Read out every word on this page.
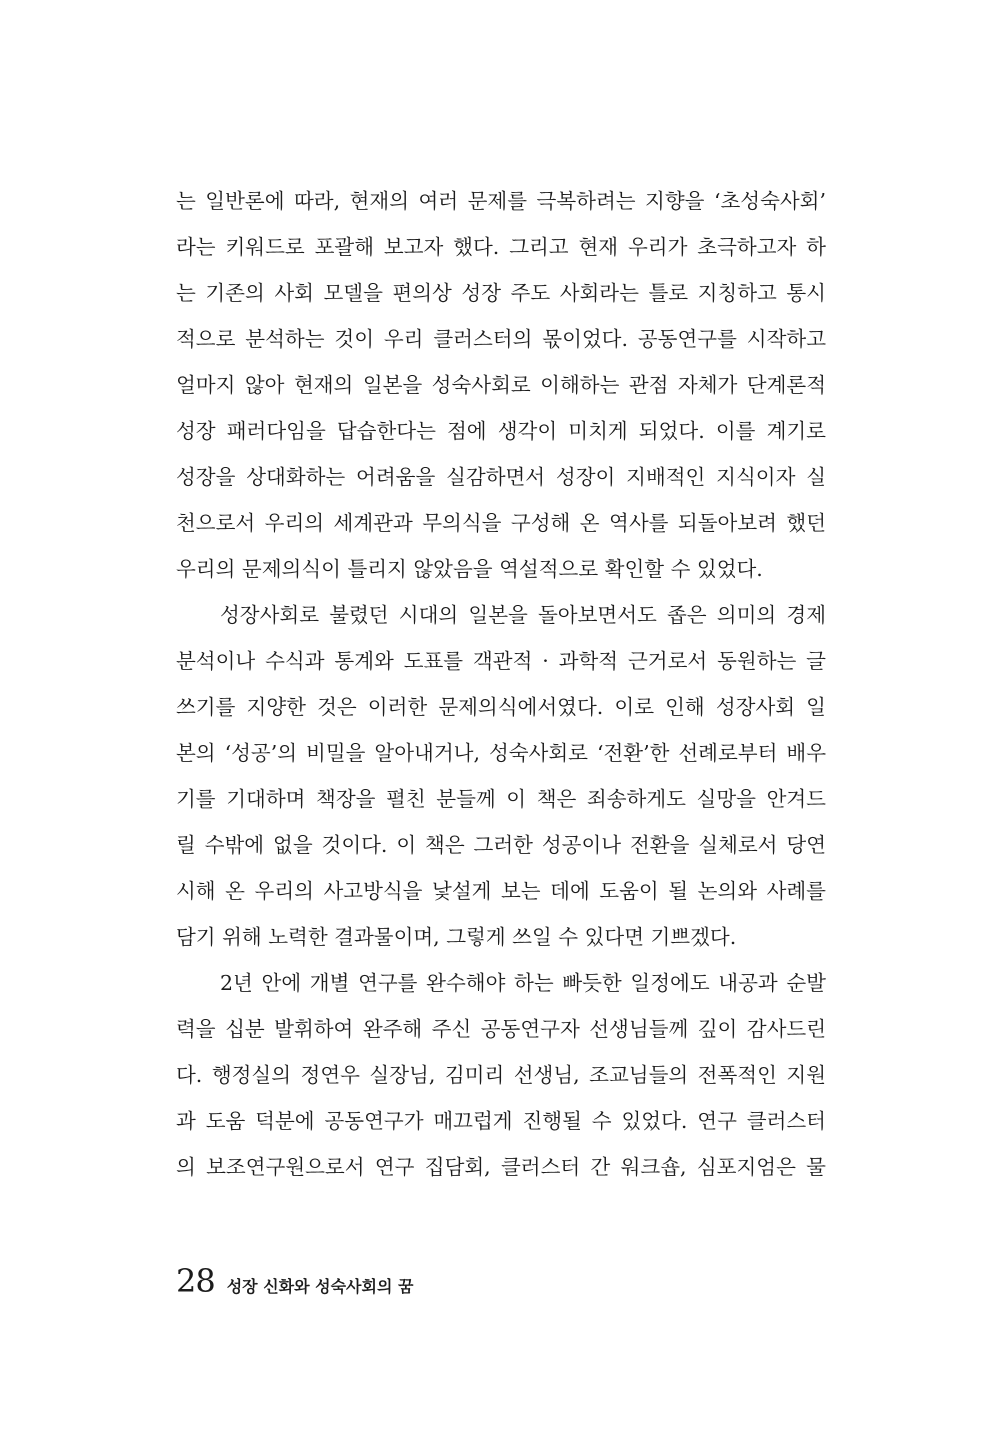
는 일반론에 따라, 현재의 여러 문제를 극복하려는 지향을 ‘초성숙사회’
라는 키워드로 포괄해 보고자 했다. 그리고 현재 우리가 초극하고자 하
는 기존의 사회 모델을 편의상 성장 주도 사회라는 틀로 지칭하고 통시
적으로 분석하는 것이 우리 클러스터의 몫이었다. 공동연구를 시작하고
얼마지 않아 현재의 일본을 성숙사회로 이해하는 관점 자체가 단계론적
성장 패러다임을 답습한다는 점에 생각이 미치게 되었다. 이를 계기로
성장을 상대화하는 어려움을 실감하면서 성장이 지배적인 지식이자 실
천으로서 우리의 세계관과 무의식을 구성해 온 역사를 되돌아보려 했던
우리의 문제의식이 틀리지 않았음을 역설적으로 확인할 수 있었다.
성장사회로 불렸던 시대의 일본을 돌아보면서도 좁은 의미의 경제
분석이나 수식과 통계와 도표를 객관적 · 과학적 근거로서 동원하는 글
쓰기를 지양한 것은 이러한 문제의식에서였다. 이로 인해 성장사회 일
본의 ‘성공’의 비밀을 알아내거나, 성숙사회로 ‘전환’한 선례로부터 배우
기를 기대하며 책장을 펼친 분들께 이 책은 죄송하게도 실망을 안겨드
릴 수밖에 없을 것이다. 이 책은 그러한 성공이나 전환을 실체로서 당연
시해 온 우리의 사고방식을 낯설게 보는 데에 도움이 될 논의와 사례를
담기 위해 노력한 결과물이며, 그렇게 쓰일 수 있다면 기쁘겠다.
2년 안에 개별 연구를 완수해야 하는 빠듯한 일정에도 내공과 순발
력을 십분 발휘하여 완주해 주신 공동연구자 선생님들께 깊이 감사드린
다. 행정실의 정연우 실장님, 김미리 선생님, 조교님들의 전폭적인 지원
과 도움 덕분에 공동연구가 매끄럽게 진행될 수 있었다. 연구 클러스터
의 보조연구원으로서 연구 집담회, 클러스터 간 워크숍, 심포지엄은 물
28 성장 신화와 성숙사회의 꿈
